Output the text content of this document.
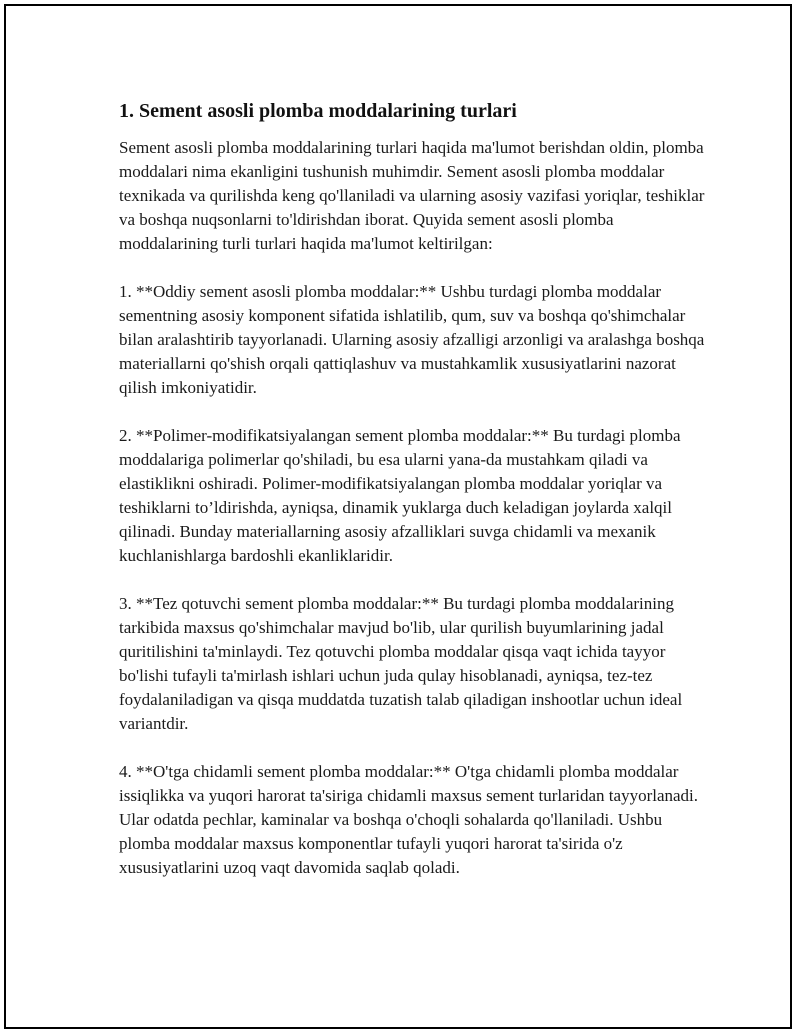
1. Sement asosli plomba moddalarining turlari

Sement asosli plomba moddalarining turlari haqida ma'lumot berishdan oldin, plomba moddalari nima ekanligini tushunish muhimdir. Sement asosli plomba moddalar texnikada va qurilishda keng qo'llaniladi va ularning asosiy vazifasi yoriqlar, teshiklar va boshqa nuqsonlarni to'ldirishdan iborat. Quyida sement asosli plomba moddalarining turli turlari haqida ma'lumot keltirilgan:

1. **Oddiy sement asosli plomba moddalar:** Ushbu turdagi plomba moddalar sementning asosiy komponent sifatida ishlatilib, qum, suv va boshqa qo'shimchalar bilan aralashtirib tayyorlanadi. Ularning asosiy afzalligi arzonligi va aralashga boshqa materiallarni qo'shish orqali qattiqlashuv va mustahkamlik xususiyatlarini nazorat qilish imkoniyatidir.

2. **Polimer-modifikatsiyalangan sement plomba moddalar:** Bu turdagi plomba moddalariga polimerlar qo'shiladi, bu esa ularni yana-da mustahkam qiladi va elastiklikni oshiradi. Polimer-modifikatsiyalangan plomba moddalar yoriqlar va teshiklarni to’ldirishda, ayniqsa, dinamik yuklarga duch keladigan joylarda xalqil qilinadi. Bunday materiallarning asosiy afzalliklari suvga chidamli va mexanik kuchlanishlarga bardoshli ekanliklaridir.

3. **Tez qotuvchi sement plomba moddalar:** Bu turdagi plomba moddalarining tarkibida maxsus qo'shimchalar mavjud bo'lib, ular qurilish buyumlarining jadal quritilishini ta'minlaydi. Tez qotuvchi plomba moddalar qisqa vaqt ichida tayyor bo'lishi tufayli ta'mirlash ishlari uchun juda qulay hisoblanadi, ayniqsa, tez-tez foydalaniladigan va qisqa muddatda tuzatish talab qiladigan inshootlar uchun ideal variantdir.

4. **O'tga chidamli sement plomba moddalar:** O'tga chidamli plomba moddalar issiqlikka va yuqori harorat ta'siriga chidamli maxsus sement turlaridan tayyorlanadi. Ular odatda pechlar, kaminalar va boshqa o'choqli sohalarda qo'llaniladi. Ushbu plomba moddalar maxsus komponentlar tufayli yuqori harorat ta'sirida o'z xususiyatlarini uzoq vaqt davomida saqlab qoladi.
